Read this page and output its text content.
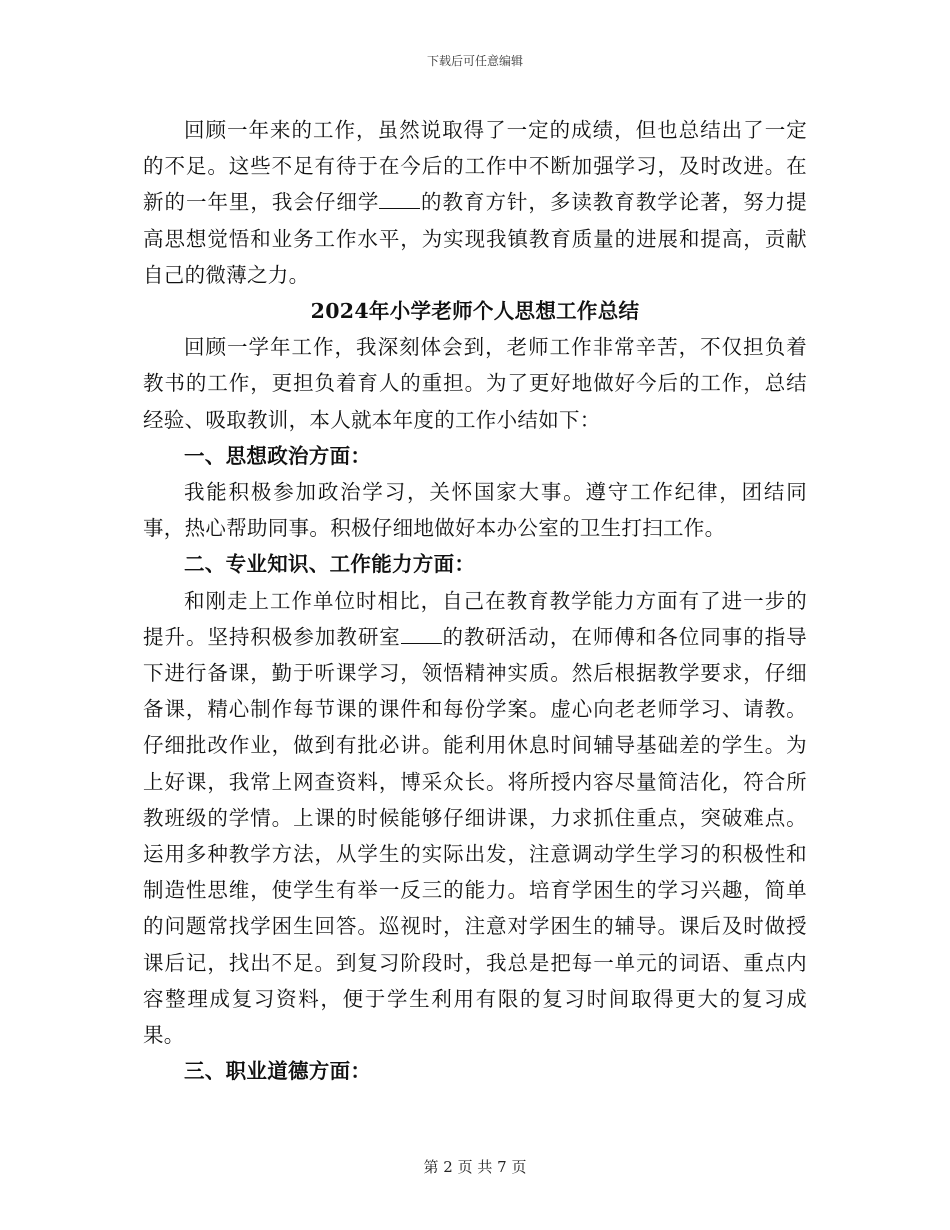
下载后可任意编辑

回顾一年来的工作，虽然说取得了一定的成绩，但也总结出了一定的不足。这些不足有待于在今后的工作中不断加强学习，及时改进。在新的一年里，我会仔细学 的教育方针，多读教育教学论著，努力提高思想觉悟和业务工作水平，为实现我镇教育质量的进展和提高，贡献自己的微薄之力。

2024年小学老师个人思想工作总结

回顾一学年工作，我深刻体会到，老师工作非常辛苦，不仅担负着教书的工作，更担负着育人的重担。为了更好地做好今后的工作，总结经验、吸取教训，本人就本年度的工作小结如下：

一、思想政治方面：

我能积极参加政治学习，关怀国家大事。遵守工作纪律，团结同事，热心帮助同事。积极仔细地做好本办公室的卫生打扫工作。

二、专业知识、工作能力方面：

和刚走上工作单位时相比，自己在教育教学能力方面有了进一步的提升。坚持积极参加教研室 的教研活动，在师傅和各位同事的指导下进行备课，勤于听课学习，领悟精神实质。然后根据教学要求，仔细备课，精心制作每节课的课件和每份学案。虚心向老老师学习、请教。仔细批改作业，做到有批必讲。能利用休息时间辅导基础差的学生。为上好课，我常上网查资料，博采众长。将所授内容尽量简洁化，符合所教班级的学情。上课的时候能够仔细讲课，力求抓住重点，突破难点。运用多种教学方法，从学生的实际出发，注意调动学生学习的积极性和制造性思维，使学生有举一反三的能力。培育学困生的学习兴趣，简单的问题常找学困生回答。巡视时，注意对学困生的辅导。课后及时做授课后记，找出不足。到复习阶段时，我总是把每一单元的词语、重点内容整理成复习资料，便于学生利用有限的复习时间取得更大的复习成果。

三、职业道德方面：

第 2 页 共 7 页
